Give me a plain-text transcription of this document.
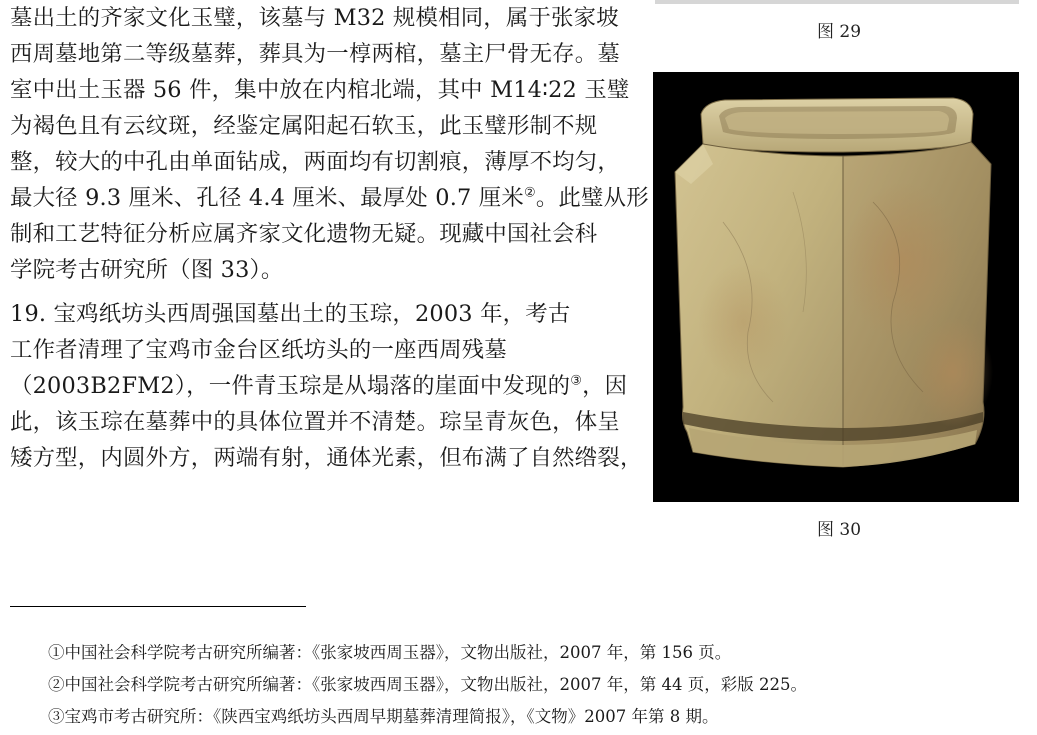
墓出土的齐家文化玉璧，该墓与 M32 规模相同，属于张家坡
西周墓地第二等级墓葬，葬具为一椁两棺，墓主尸骨无存。墓
室中出土玉器 56 件，集中放在内棺北端，其中 M14∶22 玉璧
为褐色且有云纹斑，经鉴定属阳起石软玉，此玉璧形制不规
整，较大的中孔由单面钻成，两面均有切割痕，薄厚不均匀，
最大径 9.3 厘米、孔径 4.4 厘米、最厚处 0.7 厘米②。此璧从形
制和工艺特征分析应属齐家文化遗物无疑。现藏中国社会科
学院考古研究所（图 33）。
19. 宝鸡纸坊头西周强国墓出土的玉琮，2003 年，考古
工作者清理了宝鸡市金台区纸坊头的一座西周残墓
（2003B2FM2），一件青玉琮是从塌落的崖面中发现的③，因
此，该玉琮在墓葬中的具体位置并不清楚。琮呈青灰色，体呈
矮方型，内圆外方，两端有射，通体光素，但布满了自然绺裂，
图 29
图 30
①中国社会科学院考古研究所编著：《张家坡西周玉器》，文物出版社，2007 年，第 156 页。
②中国社会科学院考古研究所编著：《张家坡西周玉器》，文物出版社，2007 年，第 44 页，彩版 225。
③宝鸡市考古研究所：《陕西宝鸡纸坊头西周早期墓葬清理简报》，《文物》2007 年第 8 期。
